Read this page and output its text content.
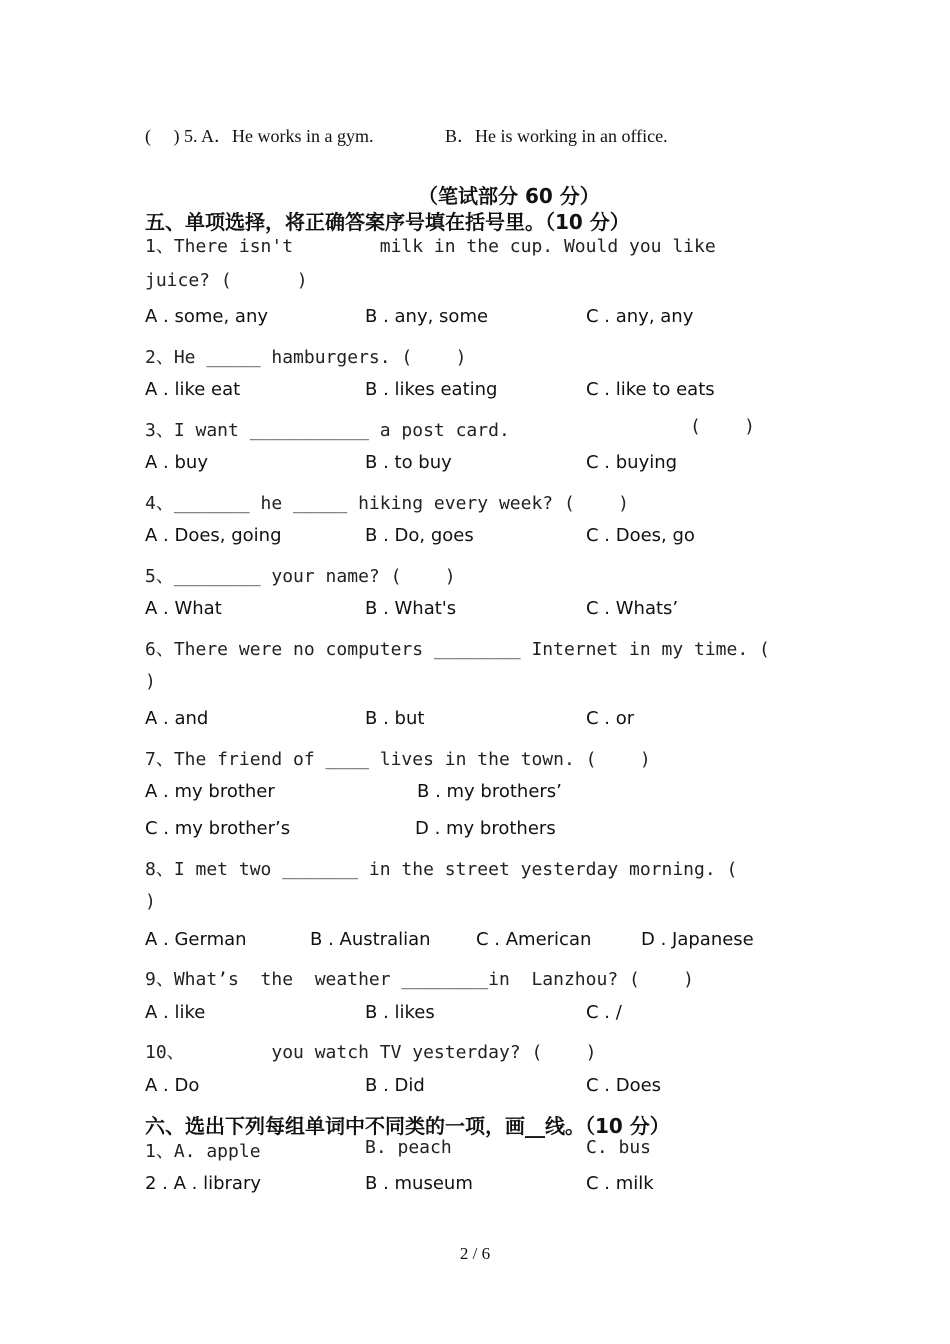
(     ) 5. A．He works in a gym.	B．He is working in an office.
（笔试部分 60 分）
五、单项选择，将正确答案序号填在括号里。（10 分）
1、There isn't        milk in the cup. Would you like
juice? (      )
A . some, any	B . any, some	C . any, any
2、He _____ hamburgers. (    )
A . like eat	B . likes eating	C . like to eats
3、I want ___________ a post card.	(    )
A . buy	B . to buy	C . buying
4、_______ he _____ hiking every week? (    )
A . Does, going	B . Do, goes	C . Does, go
5、________ your name? (    )
A . What	B . What's	C . Whats’
6、There were no computers ________ Internet in my time. (
)
A . and	B . but	C . or
7、The friend of ____ lives in the town. (    )
A . my brother	B . my brothers’
C . my brother’s	D . my brothers
8、I met two _______ in the street yesterday morning. (
)
A . German	B . Australian	C . American	D . Japanese
9、What’s  the  weather ________in  Lanzhou? (    )
A . like	B . likes	C . /
10、        you watch TV yesterday? (    )
A . Do	B . Did	C . Does
六、选出下列每组单词中不同类的一项，画__线。（10 分）
1、A. apple	B. peach	C. bus
2 . A . library	B . museum	C . milk
2 / 6
